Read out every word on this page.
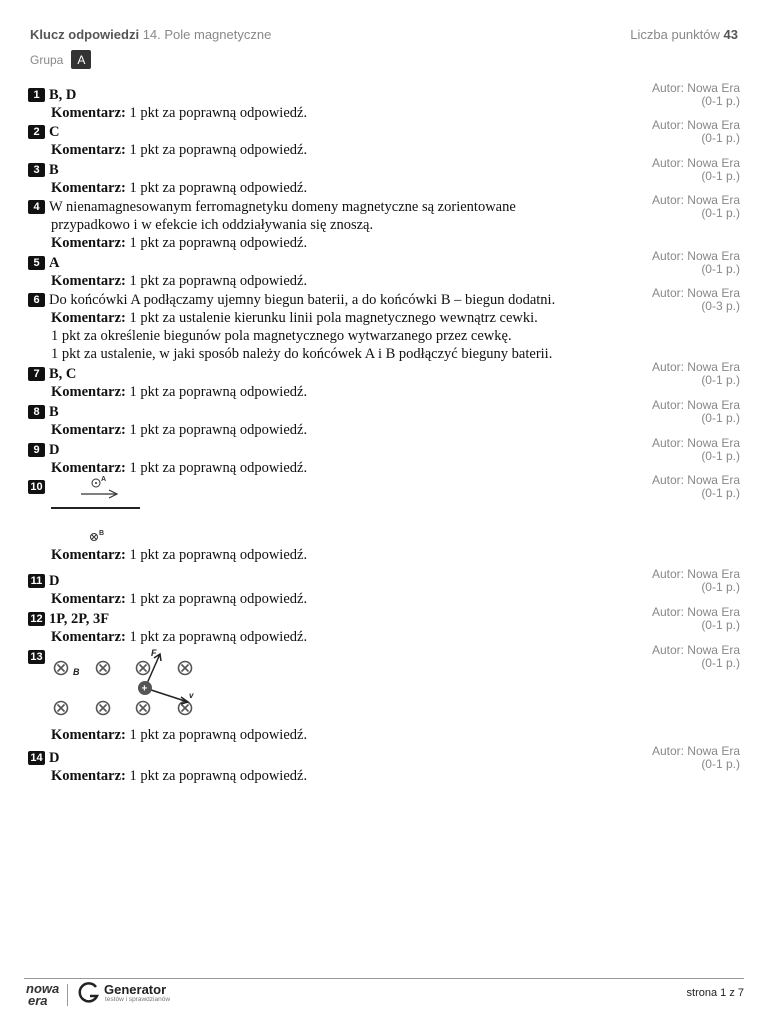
Klucz odpowiedzi 14. Pole magnetyczne	Liczba punktów 43
Grupa	A
1 B, D
Komentarz: 1 pkt za poprawną odpowiedź.
Autor: Nowa Era
(0-1 p.)
2 C
Komentarz: 1 pkt za poprawną odpowiedź.
Autor: Nowa Era
(0-1 p.)
3 B
Komentarz: 1 pkt za poprawną odpowiedź.
Autor: Nowa Era
(0-1 p.)
4 W nienamagnesowanym ferromagnetyku domeny magnetyczne są zorientowane
przypadkowo i w efekcie ich oddziaływania się znoszą.
Komentarz: 1 pkt za poprawną odpowiedź.
Autor: Nowa Era
(0-1 p.)
5 A
Komentarz: 1 pkt za poprawną odpowiedź.
Autor: Nowa Era
(0-1 p.)
6 Do końcówki A podłączamy ujemny biegun baterii, a do końcówki B – biegun dodatni.
Komentarz: 1 pkt za ustalenie kierunku linii pola magnetycznego wewnątrz cewki.
1 pkt za określenie biegunów pola magnetycznego wytwarzanego przez cewkę.
1 pkt za ustalenie, w jaki sposób należy do końcówek A i B podłączyć bieguny baterii.
Autor: Nowa Era
(0-3 p.)
7 B, C
Komentarz: 1 pkt za poprawną odpowiedź.
Autor: Nowa Era
(0-1 p.)
8 B
Komentarz: 1 pkt za poprawną odpowiedź.
Autor: Nowa Era
(0-1 p.)
9 D
Komentarz: 1 pkt za poprawną odpowiedź.
Autor: Nowa Era
(0-1 p.)
10
A
B
Komentarz: 1 pkt za poprawną odpowiedź.
Autor: Nowa Era
(0-1 p.)
11 D
Komentarz: 1 pkt za poprawną odpowiedź.
Autor: Nowa Era
(0-1 p.)
12 1P, 2P, 3F
Komentarz: 1 pkt za poprawną odpowiedź.
Autor: Nowa Era
(0-1 p.)
13	F
v
B
+
Komentarz: 1 pkt za poprawną odpowiedź.
Autor: Nowa Era
(0-1 p.)
14 D
Komentarz: 1 pkt za poprawną odpowiedź.
Autor: Nowa Era
(0-1 p.)
nowa
era
Generator
testów i sprawdzianów
strona 1 z 7
